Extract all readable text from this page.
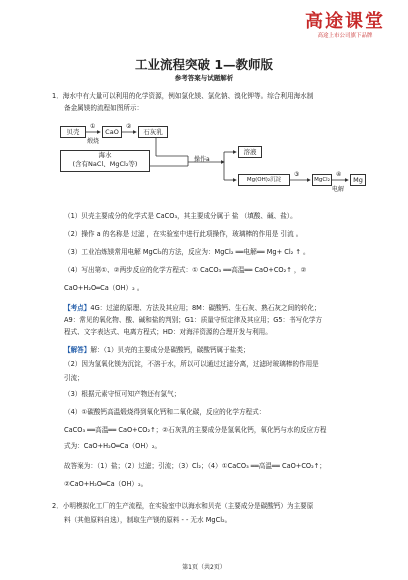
高途课堂
高途上市公司旗下品牌
工业流程突破 1—教师版
参考答案与试题解析
1．海水中有大量可以利用的化学资源，例如氯化镁、氯化钠、溴化钾等。综合利用海水制
备金属镁的流程如图所示：
贝壳
煅烧
①
CaO
②
石灰乳
海水
(含有NaCl、MgCl₂等)
操作a
溶液
Mg(OH)₂沉淀
③
MgCl₂
④
电解
Mg
（1）贝壳主要成分的化学式是 CaCO₃，其主要成分属于 盐 （填酸、碱、盐）。
（2）操作 a 的名称是 过滤 ，在实验室中进行此项操作，玻璃棒的作用是 引流 。
（3）工业冶炼镁常用电解 MgCl₂的方法，反应为：MgCl₂ ══电解══ Mg+ Cl₂ ↑ 。
（4）写出第①、②两步反应的化学方程式：① CaCO₃ ══高温══ CaO+CO₂↑ ，②
CaO+H₂O═Ca（OH）₂ 。
【考点】4G：过滤的原理、方法及其应用；8M：碳酸钙、生石灰、熟石灰之间的转化；
A9：常见的氧化物、酸、碱和盐的判别；G1：质量守恒定律及其应用；G5：书写化学方
程式、文字表达式、电离方程式；HD：对海洋资源的合理开发与利用。
【解答】解：（1）贝壳的主要成分是碳酸钙，碳酸钙属于盐类；
（2）因为氢氧化镁为沉淀，不溶于水，所以可以通过过滤分离，过滤时玻璃棒的作用是
引流；
（3）根据元素守恒可知产物还有氯气；
（4）①碳酸钙高温煅烧得到氧化钙和二氧化碳，反应的化学方程式：
CaCO₃ ══高温══ CaO+CO₂↑；②石灰乳的主要成分是氢氧化钙，氧化钙与水的反应方程
式为：CaO+H₂O═Ca（OH）₂。
故答案为：（1）盐；（2）过滤；引流；（3）Cl₂；（4）①CaCO₃ ══高温══ CaO+CO₂↑；
②CaO+H₂O═Ca（OH）₂。
2．小明模拟化工厂的生产流程，在实验室中以海水和贝壳（主要成分是碳酸钙）为主要原
料（其他原料自选），制取生产镁的原料 - - 无水 MgCl₂。
第1页（共2页）
